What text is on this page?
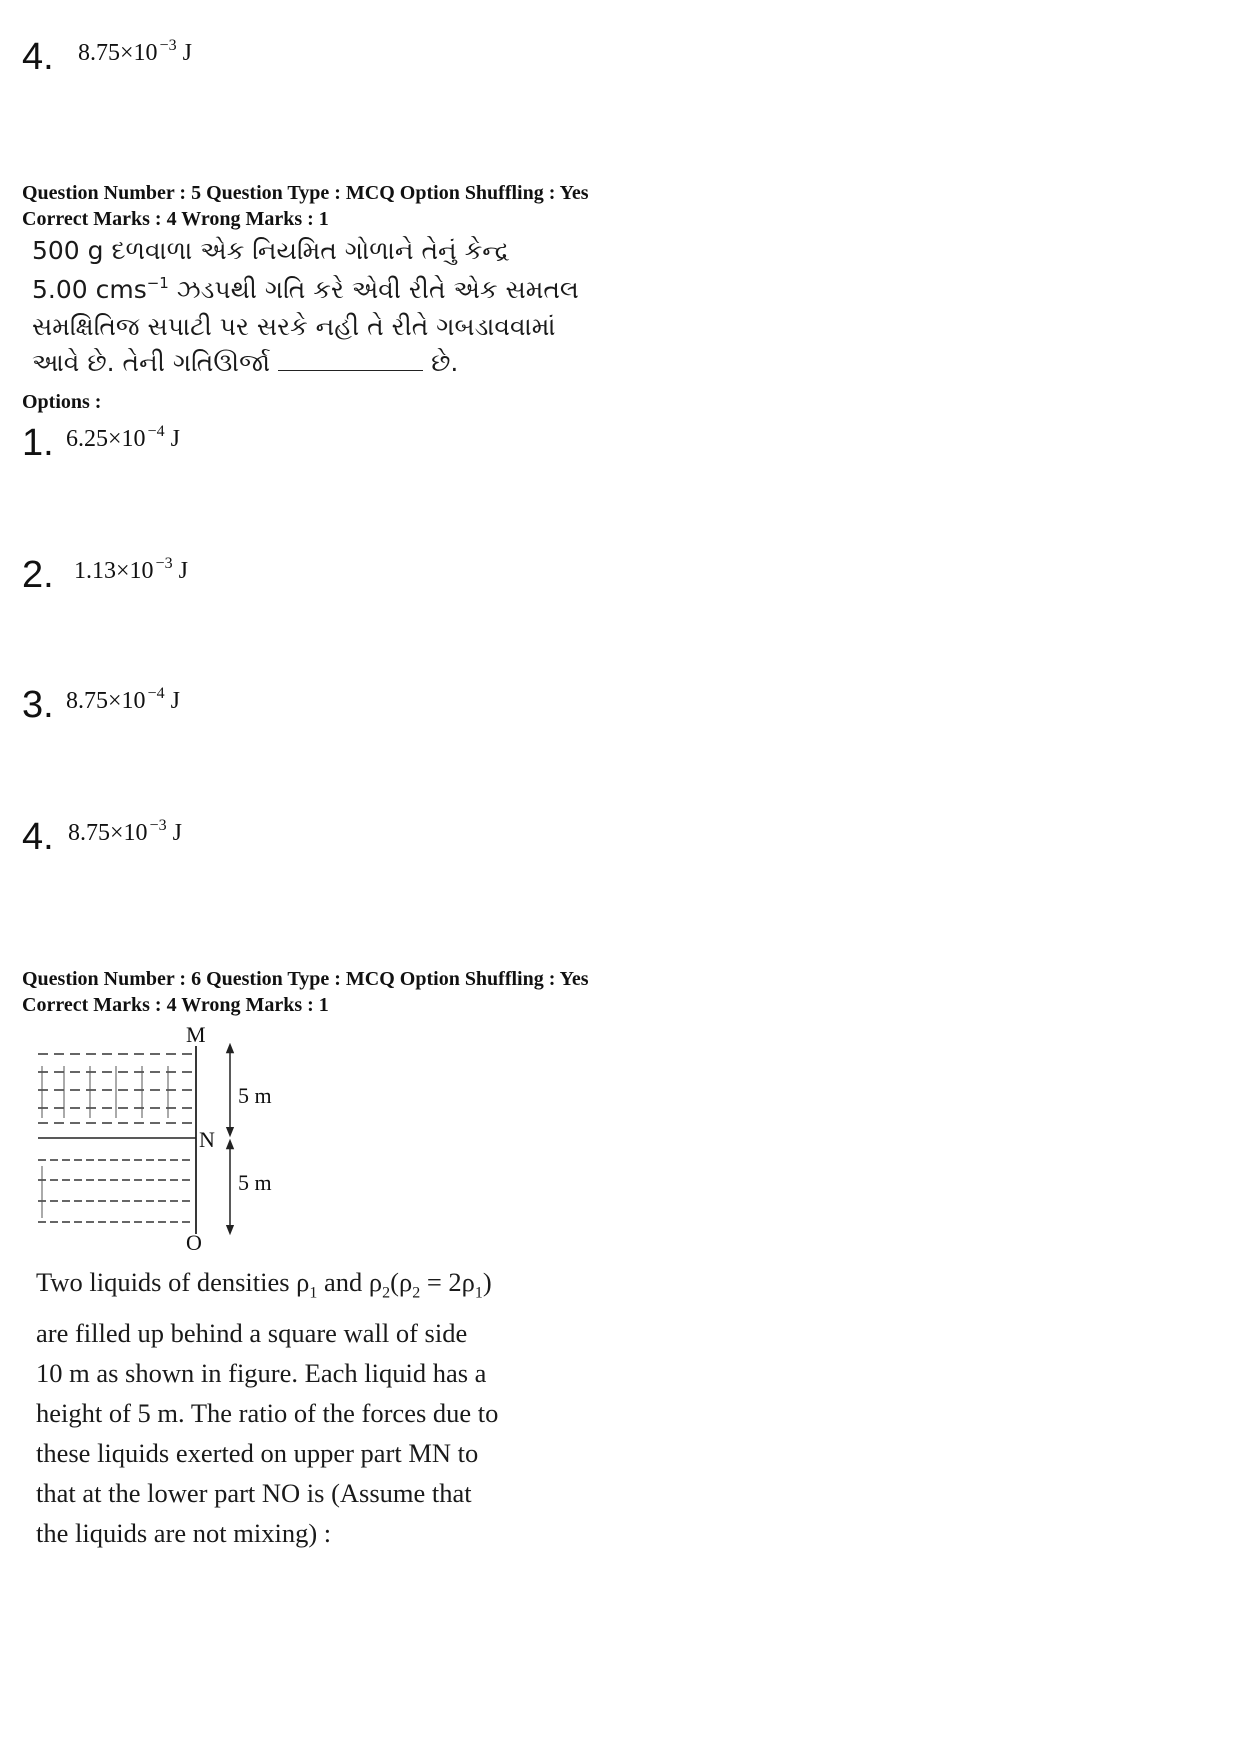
4. 8.75×10 $^{-3}$ J
Question Number : 5 Question Type : MCQ Option Shuffling : Yes
Correct Marks : 4 Wrong Marks : 1
500 g દળવાળા એક નિયમિત ગોળાને તેનું કેન્દ્ર
5.00 cms$^{-1}$ ઝડપથી ગતિ કરે એવી રીતે એક સમતલ
સમક્ષિતિજ સપાટી પર સરકે નહી તે રીતે ગબડાવવામાં
આવે છે. તેની ગતિઊર્જા	છે.
Options :
1. 6.25×10 $^{-4}$ J
2. 1.13×10 $^{-3}$ J
3. 8.75×10 $^{-4}$ J
4. 8.75×10 $^{-3}$ J
Question Number : 6 Question Type : MCQ Option Shuffling : Yes
Correct Marks : 4 Wrong Marks : 1
M
N
O
5 m
5 m
Two liquids of densities $\rho_1$ and $\rho_2(\rho_2 = 2\rho_1)$
are filled up behind a square wall of side
10 m as shown in figure. Each liquid has a
height of 5 m. The ratio of the forces due to
these liquids exerted on upper part MN to
that at the lower part NO is (Assume that
the liquids are not mixing) :
